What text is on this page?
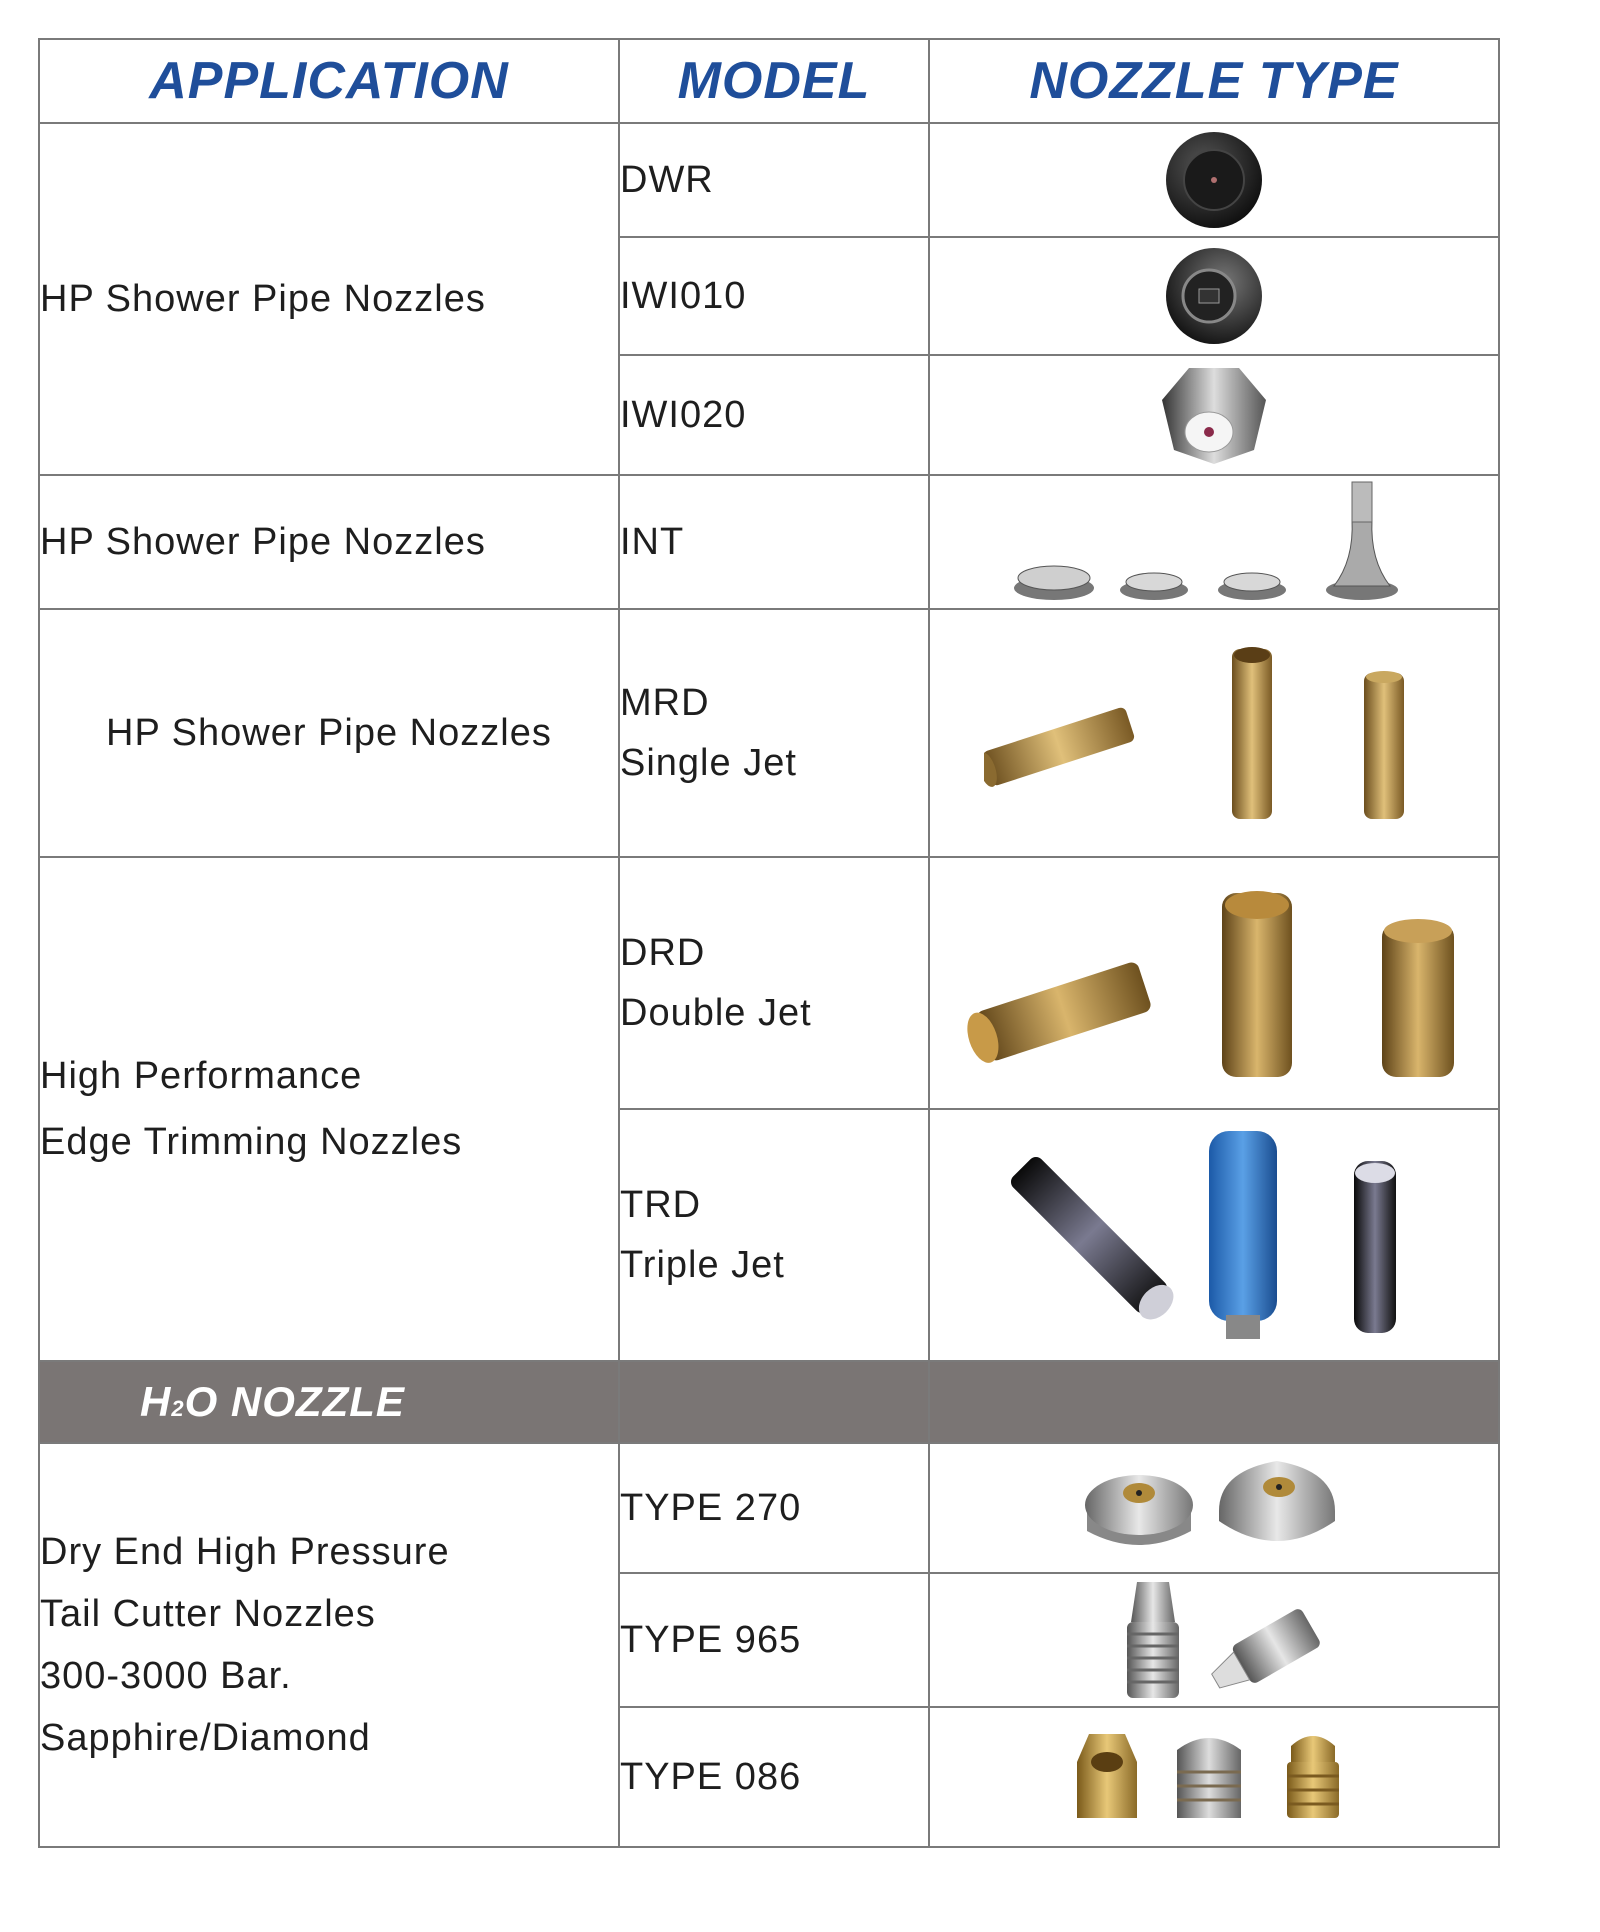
APPLICATION	MODEL	NOZZLE TYPE
HP Shower Pipe Nozzles	DWR	

	IWI010	

	IWI020	

HP Shower Pipe Nozzles	INT	

HP Shower Pipe Nozzles	MRD
Single Jet	

High Performance
Edge Trimming Nozzles	DRD
Double Jet	

	TRD
Triple Jet	

H2O NOZZLE		
Dry End High Pressure
Tail Cutter Nozzles
300-3000 Bar.
Sapphire/Diamond	TYPE 270	

	TYPE 965	

	TYPE 086	
